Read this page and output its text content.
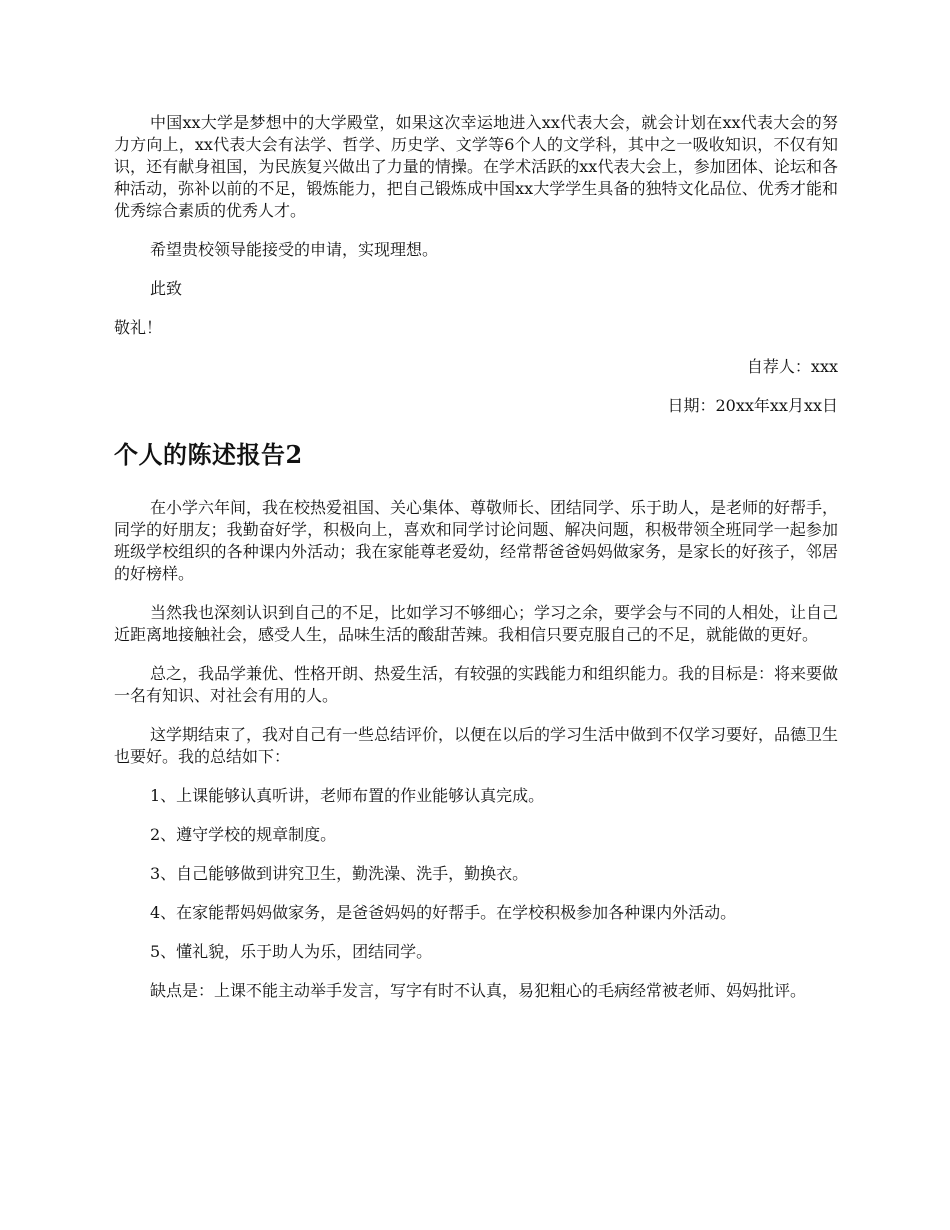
中国xx大学是梦想中的大学殿堂，如果这次幸运地进入xx代表大会，就会计划在xx代表大会的努力方向上，xx代表大会有法学、哲学、历史学、文学等6个人的文学科，其中之一吸收知识，不仅有知识，还有献身祖国，为民族复兴做出了力量的情操。在学术活跃的xx代表大会上，参加团体、论坛和各种活动，弥补以前的不足，锻炼能力，把自己锻炼成中国xx大学学生具备的独特文化品位、优秀才能和优秀综合素质的优秀人才。

希望贵校领导能接受的申请，实现理想。

此致

敬礼！

自荐人：xxx

日期：20xx年xx月xx日

个人的陈述报告2

在小学六年间，我在校热爱祖国、关心集体、尊敬师长、团结同学、乐于助人，是老师的好帮手，同学的好朋友；我勤奋好学，积极向上，喜欢和同学讨论问题、解决问题，积极带领全班同学一起参加班级学校组织的各种课内外活动；我在家能尊老爱幼，经常帮爸爸妈妈做家务，是家长的好孩子，邻居的好榜样。

当然我也深刻认识到自己的不足，比如学习不够细心；学习之余，要学会与不同的人相处，让自己近距离地接触社会，感受人生，品味生活的酸甜苦辣。我相信只要克服自己的不足，就能做的更好。

总之，我品学兼优、性格开朗、热爱生活，有较强的实践能力和组织能力。我的目标是：将来要做一名有知识、对社会有用的人。

这学期结束了，我对自己有一些总结评价，以便在以后的学习生活中做到不仅学习要好，品德卫生也要好。我的总结如下：

1、上课能够认真听讲，老师布置的作业能够认真完成。

2、遵守学校的规章制度。

3、自己能够做到讲究卫生，勤洗澡、洗手，勤换衣。

4、在家能帮妈妈做家务，是爸爸妈妈的好帮手。在学校积极参加各种课内外活动。

5、懂礼貌，乐于助人为乐，团结同学。

缺点是：上课不能主动举手发言，写字有时不认真，易犯粗心的毛病经常被老师、妈妈批评。
